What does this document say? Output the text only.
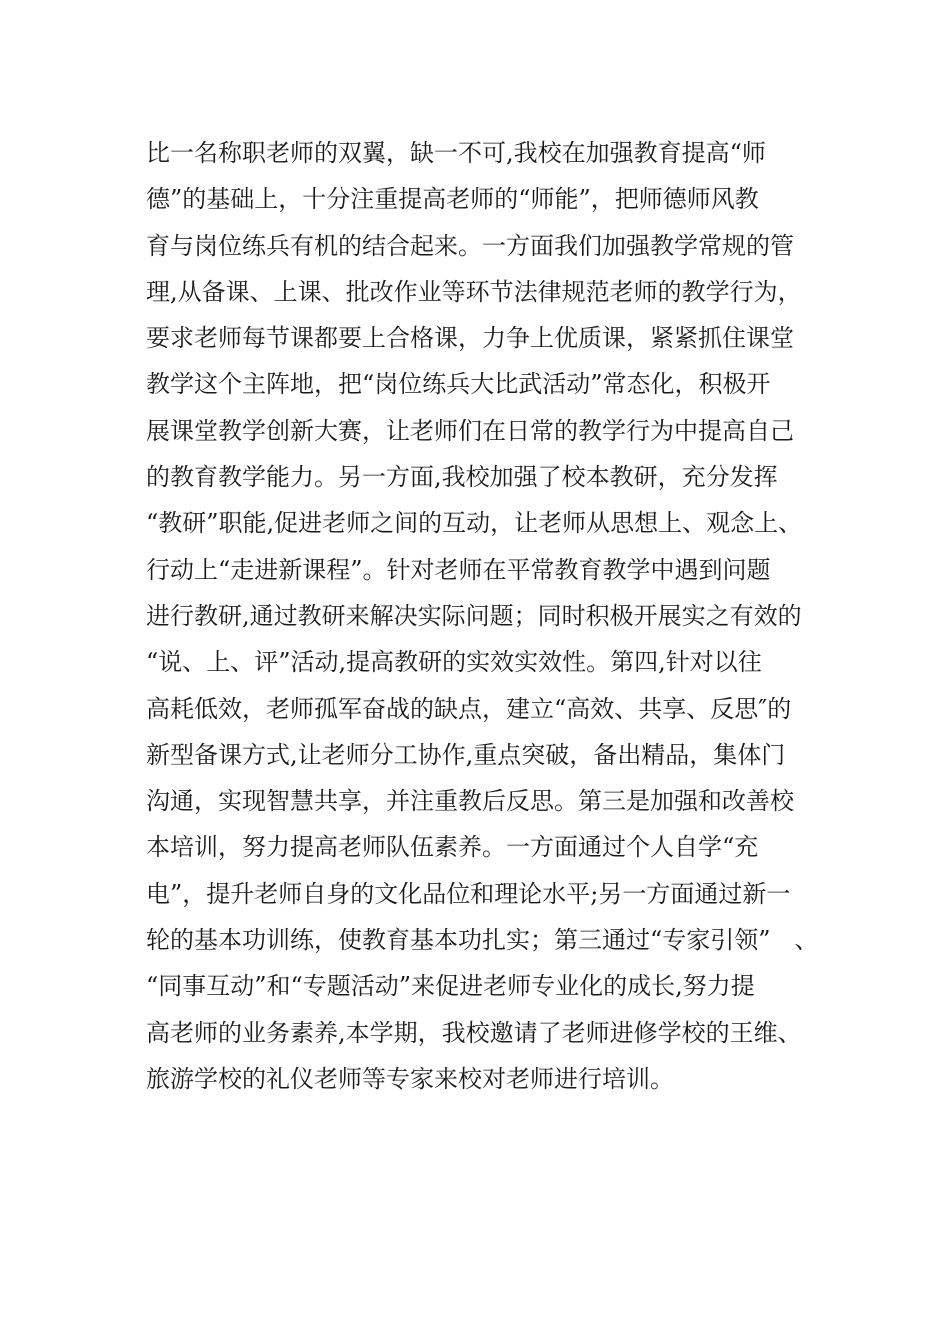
比一名称职老师的双翼，缺一不可,我校在加强教育提高“师
德”的基础上，十分注重提高老师的“师能”，把师德师风教
育与岗位练兵有机的结合起来。一方面我们加强教学常规的管
理,从备课、上课、批改作业等环节法律规范老师的教学行为，
要求老师每节课都要上合格课，力争上优质课，紧紧抓住课堂
教学这个主阵地，把“岗位练兵大比武活动”常态化，积极开
展课堂教学创新大赛，让老师们在日常的教学行为中提高自己
的教育教学能力。另一方面,我校加强了校本教研，充分发挥
“教研”职能,促进老师之间的互动，让老师从思想上、观念上、
行动上“走进新课程”。针对老师在平常教育教学中遇到问题
进行教研,通过教研来解决实际问题；同时积极开展实之有效的
“说、上、评”活动,提高教研的实效实效性。第四,针对以往
高耗低效，老师孤军奋战的缺点，建立“高效、共享、反思″的
新型备课方式,让老师分工协作,重点突破，备出精品，集体门
沟通，实现智慧共享，并注重教后反思。第三是加强和改善校
本培训，努力提高老师队伍素养。一方面通过个人自学“充
电”，提升老师自身的文化品位和理论水平;另一方面通过新一
轮的基本功训练，使教育基本功扎实；第三通过“专家引领”　、
“同事互动”和“专题活动”来促进老师专业化的成长,努力提
高老师的业务素养,本学期，我校邀请了老师进修学校的王维、
旅游学校的礼仪老师等专家来校对老师进行培训。
